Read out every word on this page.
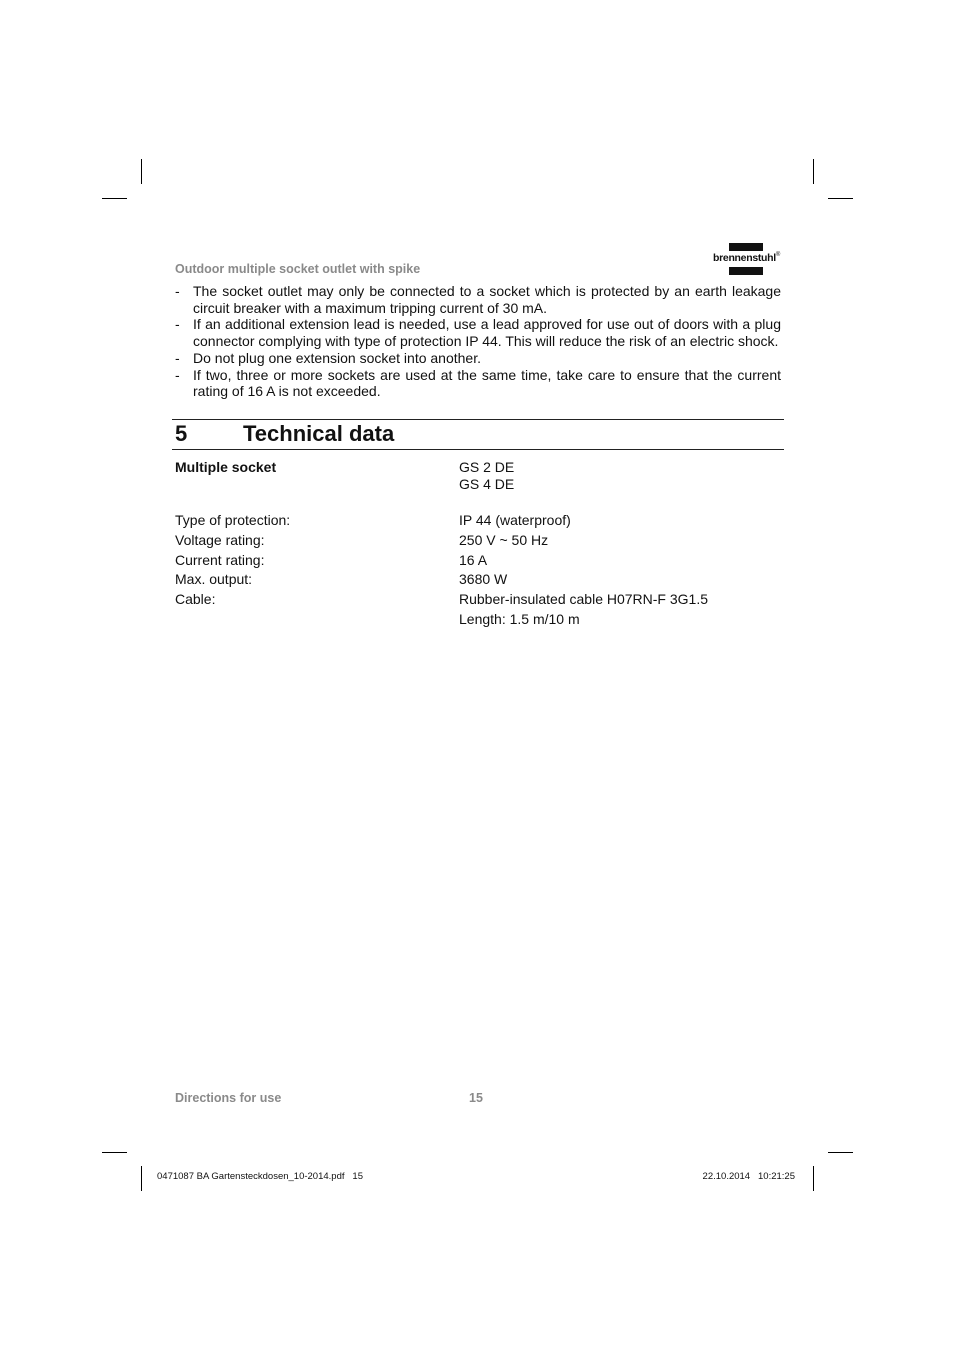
Outdoor multiple socket outlet with spike
brennenstuhl®
- The socket outlet may only be connected to a socket which is protected by an earth leakage circuit breaker with a maximum tripping current of 30 mA.
- If an additional extension lead is needed, use a lead approved for use out of doors with a plug connector complying with type of protection IP 44. This will reduce the risk of an electric shock.
- Do not plug one extension socket into another.
- If two, three or more sockets are used at the same time, take care to ensure that the current rating of 16 A is not exceeded.
5	Technical data
Multiple socket	GS 2 DE
GS 4 DE
Type of protection:	IP 44 (waterproof)
Voltage rating:	250 V ~ 50 Hz
Current rating:	16 A
Max. output:	3680 W
Cable:	Rubber-insulated cable H07RN-F 3G1.5
Length: 1.5 m/10 m
Directions for use	15
0471087 BA Gartensteckdosen_10-2014.pdf   15	22.10.2014   10:21:25
